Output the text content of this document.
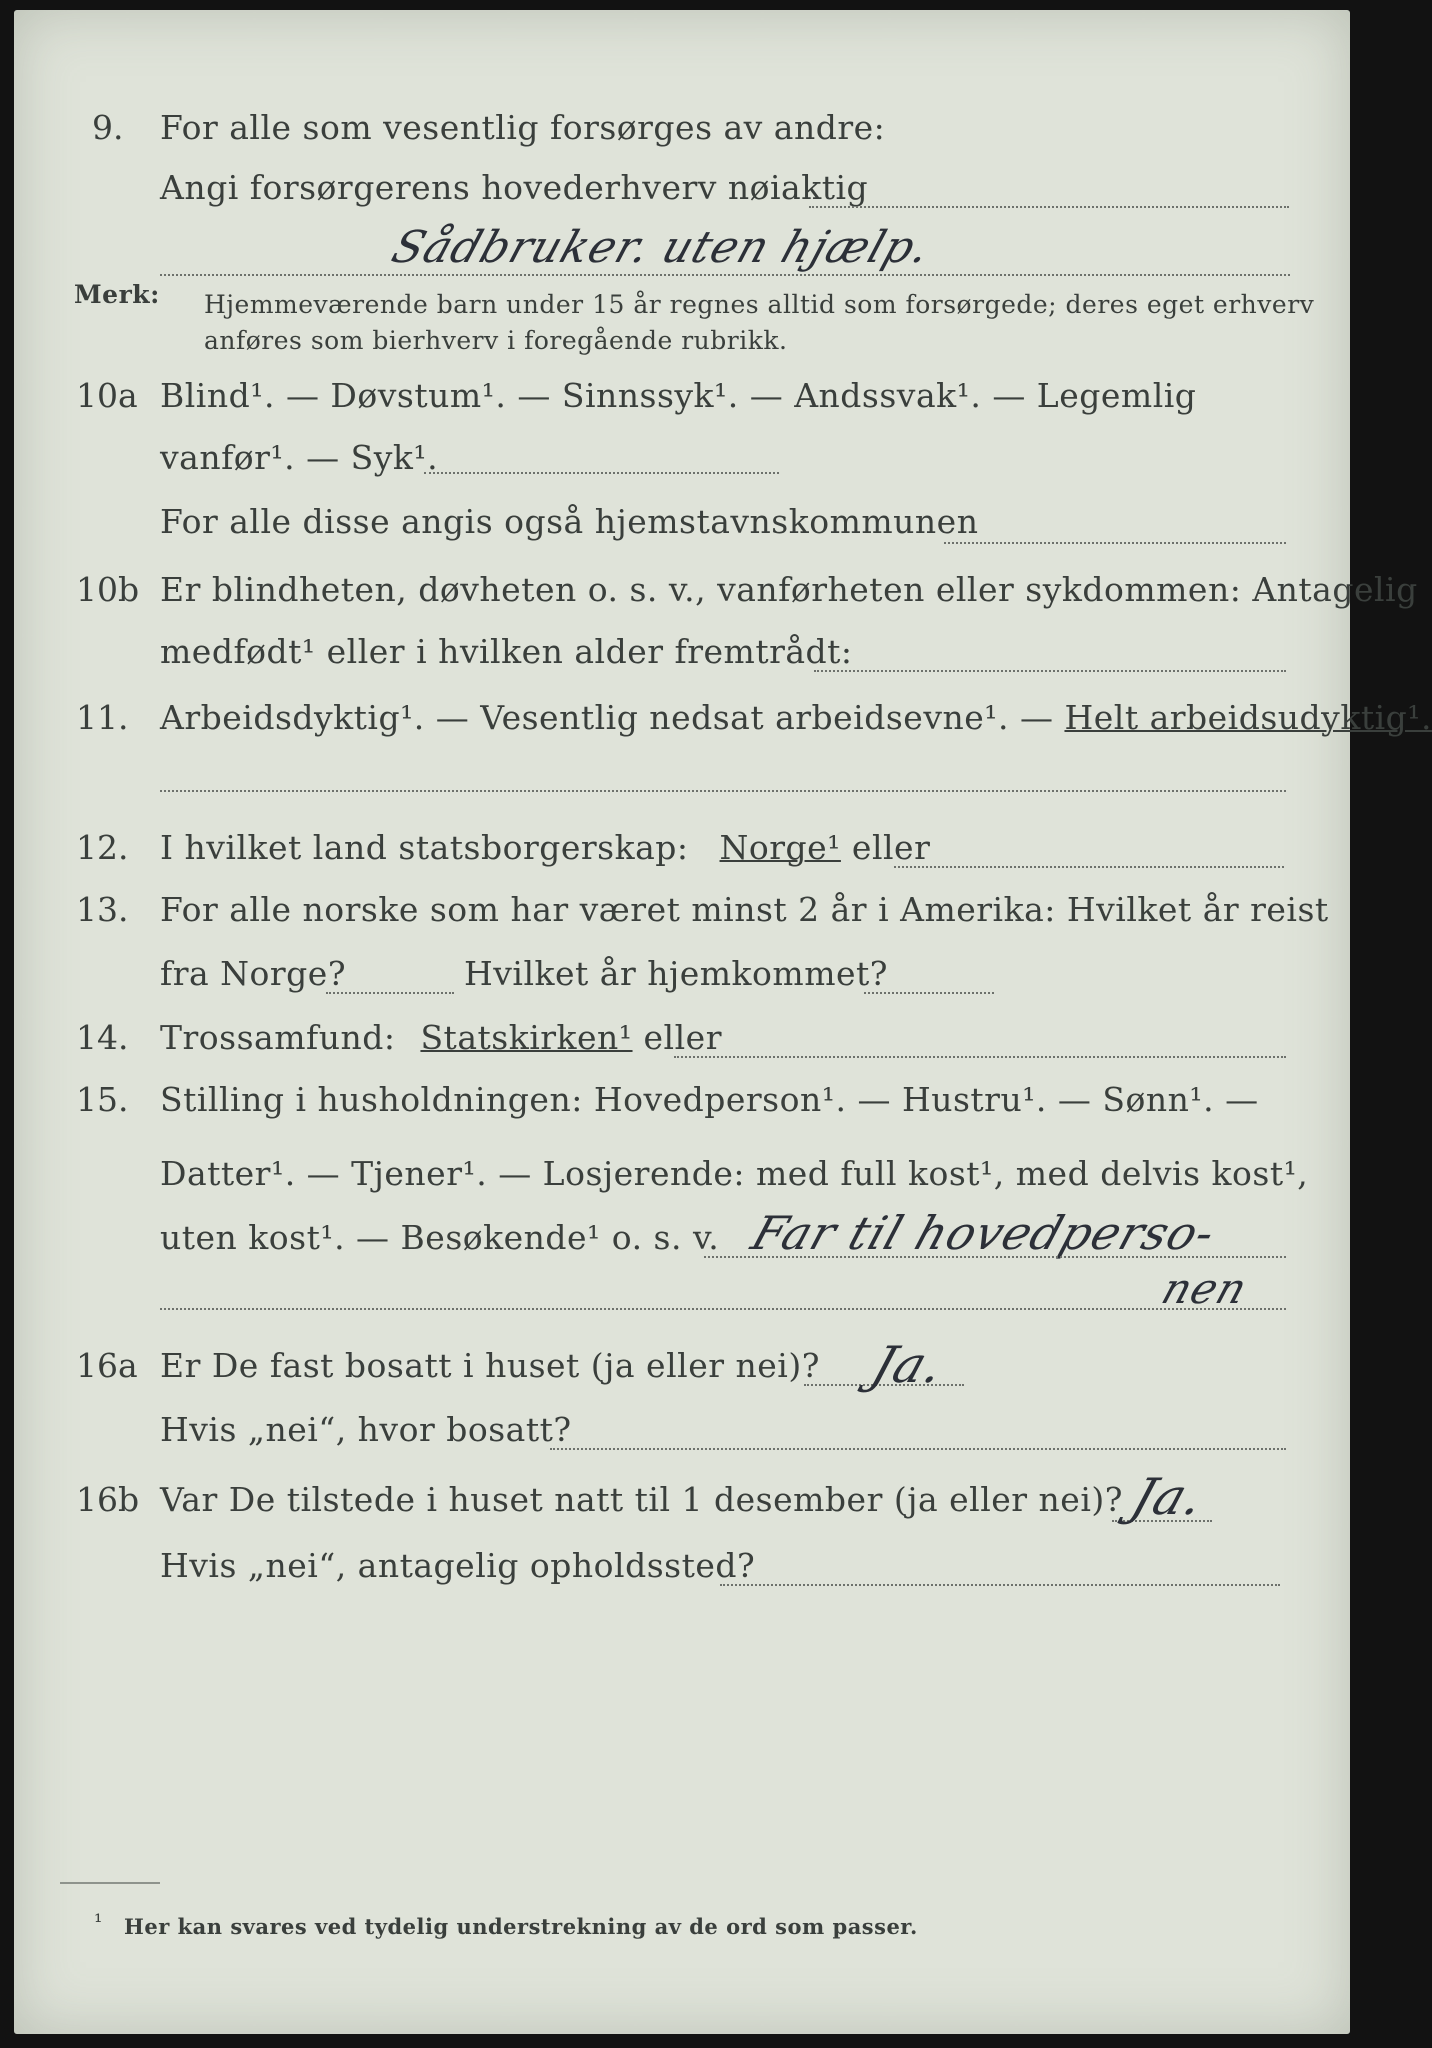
9. For alle som vesentlig forsørges av andre:
Angi forsørgerens hovederhverv nøiaktig
Sådbruker. uten hjælp.
Merk: Hjemmeværende barn under 15 år regnes alltid som forsørgede; deres eget erhverv
anføres som bierhverv i foregående rubrikk.
10a Blind¹. — Døvstum¹. — Sinnssyk¹. — Andssvak¹. — Legemlig
vanfør¹. — Syk¹.
For alle disse angis også hjemstavnskommunen
10b Er blindheten, døvheten o. s. v., vanførheten eller sykdommen: Antagelig
medfødt¹ eller i hvilken alder fremtrådt:
11. Arbeidsdyktig¹. — Vesentlig nedsat arbeidsevne¹. — Helt arbeidsudyktig¹.
12. I hvilket land statsborgerskap: Norge¹ eller
13. For alle norske som har været minst 2 år i Amerika: Hvilket år reist
fra Norge?	Hvilket år hjemkommet?
14. Trossamfund: Statskirken¹ eller
15. Stilling i husholdningen: Hovedperson¹. — Hustru¹. — Sønn¹. —
Datter¹. — Tjener¹. — Losjerende: med full kost¹, med delvis kost¹,
uten kost¹. — Besøkende¹ o. s. v. Far til hovedperso-
nen
16a Er De fast bosatt i huset (ja eller nei)? Ja.
Hvis „nei“, hvor bosatt?
16b Var De tilstede i huset natt til 1 desember (ja eller nei)? Ja.
Hvis „nei“, antagelig opholdssted?
¹ Her kan svares ved tydelig understrekning av de ord som passer.
